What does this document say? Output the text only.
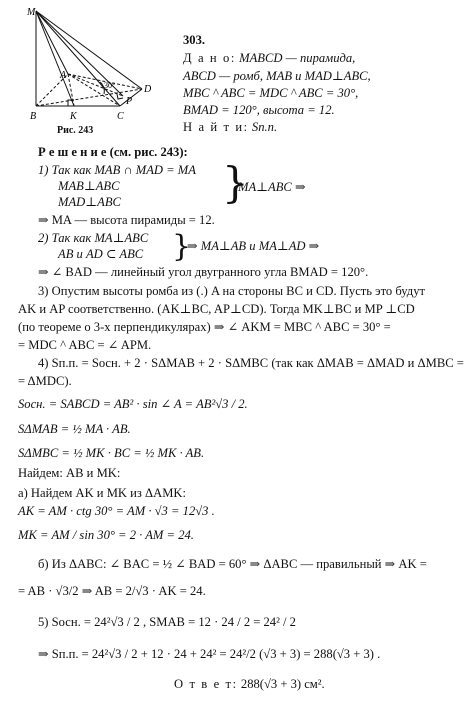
M
A
B	K	C
D
P
30°
Рис. 243
303.
Д а н о: MABCD — пирамида,
ABCD — ромб, MAB и MAD⊥ABC,
MBC ^ ABC = MDC ^ ABC = 30°,
BMAD = 120°, высота = 12.
Н а й т и: Sп.п.
Р е ш е н и е (см. рис. 243):
1) Так как MAB ∩ MAD = MA
MAB⊥ABC
MAD⊥ABC }
MA⊥ABC ⇒
⇒ MA — высота пирамиды = 12.
2) Так как MA⊥ABC
AB и AD ⊂ ABC }
⇒ MA⊥AB и MA⊥AD ⇒
⇒ ∠ BAD — линейный угол двугранного угла BMAD = 120°.
3) Опустим высоты ромба из (.) A на стороны BC и CD. Пусть это будут
AK и AP соответственно. (AK⊥BC, AP⊥CD). Тогда MK⊥BC и MP ⊥CD
(по теореме о 3-х перпендикулярах) ⇒ ∠ AKM = MBC ^ ABC = 30° =
= MDC ^ ABC = ∠ APM.
4) Sп.п. = Sосн. + 2 · SΔMAB + 2 · SΔMBC (так как ΔMAB = ΔMAD и ΔMBC =
= ΔMDC).
Sосн. = SABCD = AB² · sin ∠ A = AB²√3 / 2.
SΔMAB = ½ MA · AB.
SΔMBC = ½ MK · BC = ½ MK · AB.
Найдем: AB и MK:
а) Найдем AK и MK из ΔAMK:
AK = AM · ctg 30° = AM · √3 = 12√3 .
MK = AM / sin 30° = 2 · AM = 24.
б) Из ΔABC: ∠ BAC = ½ ∠ BAD = 60° ⇒ ΔABC — правильный ⇒ AK =
= AB · √3/2 ⇒ AB = 2/√3 · AK = 24.
5) Sосн. = 24²√3 / 2 , SMAB = 12 · 24 / 2 = 24² / 2
⇒ Sп.п. = 24²√3 / 2 + 12 · 24 + 24² = 24²/2 (√3 + 3) = 288(√3 + 3) .
О т в е т: 288(√3 + 3) см².
